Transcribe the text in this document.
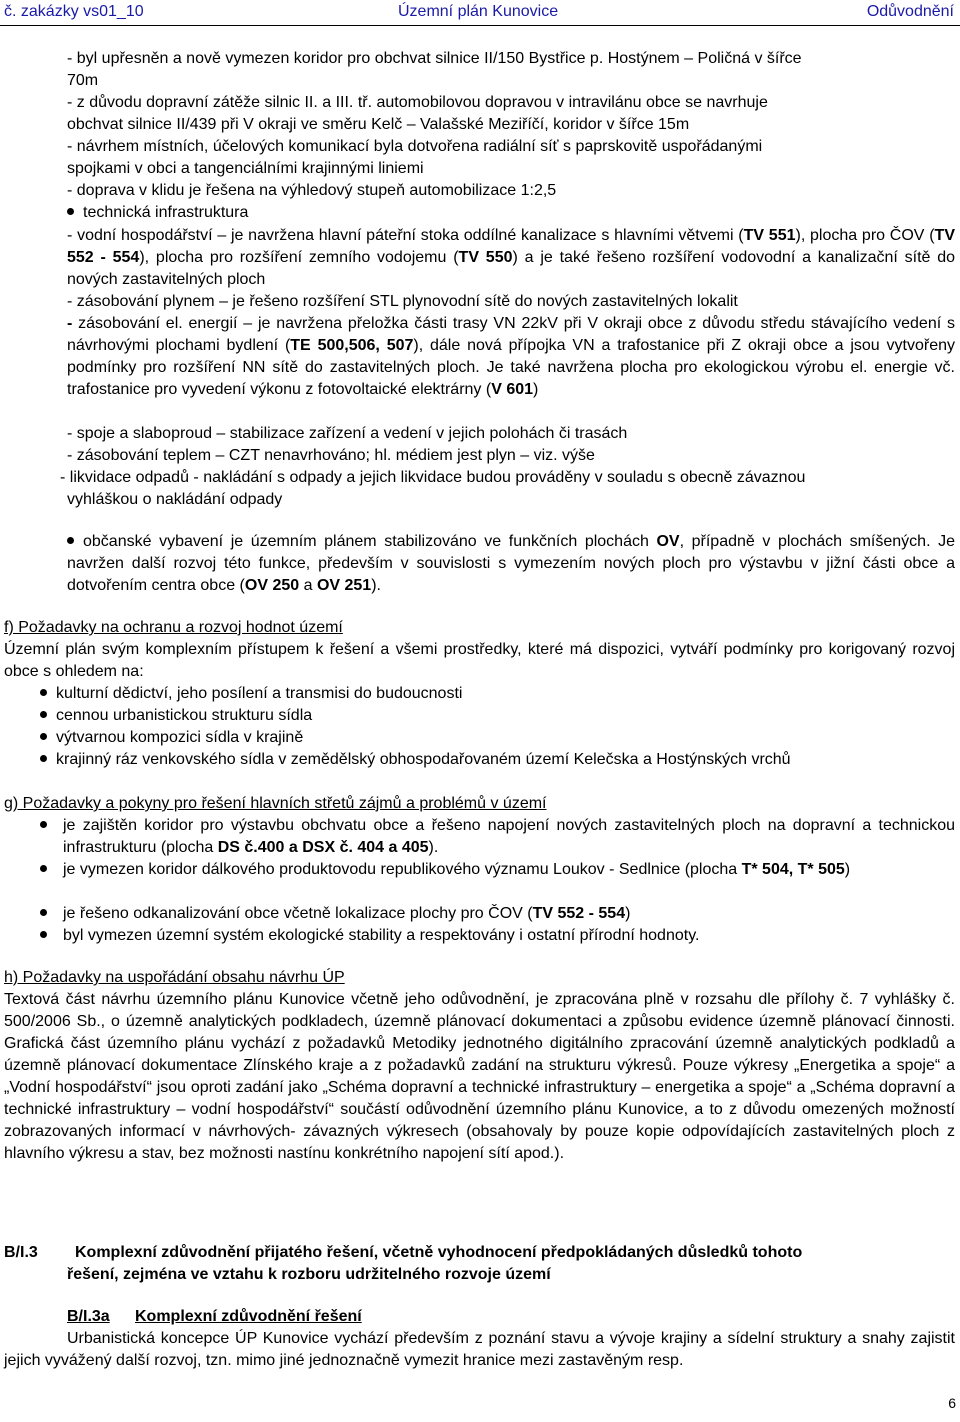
č. zakázky vs01_10	Územní plán Kunovice	Odůvodnění
- byl upřesněn a nově vymezen koridor pro obchvat silnice II/150 Bystřice p. Hostýnem – Poličná v šířce
70m
- z důvodu dopravní zátěže silnic II. a III. tř. automobilovou dopravou v intravilánu obce se navrhuje
obchvat silnice II/439 při V okraji ve směru Kelč – Valašské Meziříčí, koridor v šířce 15m
- návrhem místních, účelových komunikací byla dotvořena radiální síť s paprskovitě uspořádanými
spojkami v obci a tangenciálními krajinnými liniemi
- doprava v klidu je řešena na výhledový stupeň automobilizace 1:2,5
technická infrastruktura
- vodní hospodářství – je navržena hlavní páteřní stoka oddílné kanalizace s hlavními větvemi (TV 551), plocha pro ČOV (TV 552 - 554), plocha pro rozšíření zemního vodojemu (TV 550) a je také řešeno rozšíření vodovodní a kanalizační sítě do nových zastavitelných ploch
- zásobování plynem – je řešeno rozšíření STL plynovodní sítě do nových zastavitelných lokalit
- zásobování el. energií – je navržena přeložka části trasy VN 22kV při V okraji obce z důvodu středu stávajícího vedení s návrhovými plochami bydlení (TE 500,506, 507), dále nová přípojka VN a trafostanice při Z okraji obce a jsou vytvořeny podmínky pro rozšíření NN sítě do zastavitelných ploch. Je také navržena plocha pro ekologickou výrobu el. energie vč. trafostanice pro vyvedení výkonu z fotovoltaické elektrárny (V 601)
- spoje a slaboproud – stabilizace zařízení a vedení v jejich polohách či trasách
- zásobování teplem – CZT nenavrhováno; hl. médiem jest plyn – viz. výše
- likvidace odpadů - nakládání s odpady a jejich likvidace budou prováděny v souladu s obecně závaznou
vyhláškou o nakládání odpady
občanské vybavení je územním plánem stabilizováno ve funkčních plochách OV, případně v plochách smíšených. Je navržen další rozvoj této funkce, především v souvislosti s vymezením nových ploch pro výstavbu v jižní části obce a dotvořením centra obce (OV 250 a OV 251).
f) Požadavky na ochranu a rozvoj hodnot území
Územní plán svým komplexním přístupem k řešení a všemi prostředky, které má dispozici, vytváří podmínky pro korigovaný rozvoj obce s ohledem na:
kulturní dědictví, jeho posílení a transmisi do budoucnosti
cennou urbanistickou strukturu sídla
výtvarnou kompozici sídla v krajině
krajinný ráz venkovského sídla v zemědělský obhospodařovaném území Kelečska a Hostýnských vrchů
g) Požadavky a pokyny pro řešení hlavních střetů zájmů a problémů v území
je zajištěn koridor pro výstavbu obchvatu obce a řešeno napojení nových zastavitelných ploch na dopravní a technickou infrastrukturu (plocha DS č.400 a DSX č. 404 a 405).
je vymezen koridor dálkového produktovodu republikového významu Loukov - Sedlnice (plocha T* 504, T* 505)
je řešeno odkanalizování obce včetně lokalizace plochy pro ČOV (TV 552 - 554)
byl vymezen územní systém ekologické stability a respektovány i ostatní přírodní hodnoty.
h) Požadavky na uspořádání obsahu návrhu ÚP
Textová část návrhu územního plánu Kunovice včetně jeho odůvodnění, je zpracována plně v rozsahu dle přílohy č. 7 vyhlášky č. 500/2006 Sb., o územně analytických podkladech, územně plánovací dokumentaci a způsobu evidence územně plánovací činnosti. Grafická část územního plánu vychází z požadavků Metodiky jednotného digitálního zpracování územně analytických podkladů a územně plánovací dokumentace Zlínského kraje a z požadavků zadání na strukturu výkresů. Pouze výkresy „Energetika a spoje“ a „Vodní hospodářství“ jsou oproti zadání jako „Schéma dopravní a technické infrastruktury – energetika a spoje“ a „Schéma dopravní a technické infrastruktury – vodní hospodářství“ součástí odůvodnění územního plánu Kunovice, a to z důvodu omezených možností zobrazovaných informací v návrhových- závazných výkresech (obsahovaly by pouze kopie odpovídajících zastavitelných ploch z hlavního výkresu a stav, bez možnosti nastínu konkrétního napojení sítí apod.).
B/I.3 Komplexní zdůvodnění přijatého řešení, včetně vyhodnocení předpokládaných důsledků tohoto
řešení, zejména ve vztahu k rozboru udržitelného rozvoje území
B/I.3a Komplexní zdůvodnění řešení
Urbanistická koncepce ÚP Kunovice vychází především z poznání stavu a vývoje krajiny a sídelní struktury a snahy zajistit jejich vyvážený další rozvoj, tzn. mimo jiné jednoznačně vymezit hranice mezi zastavěným resp.
6
